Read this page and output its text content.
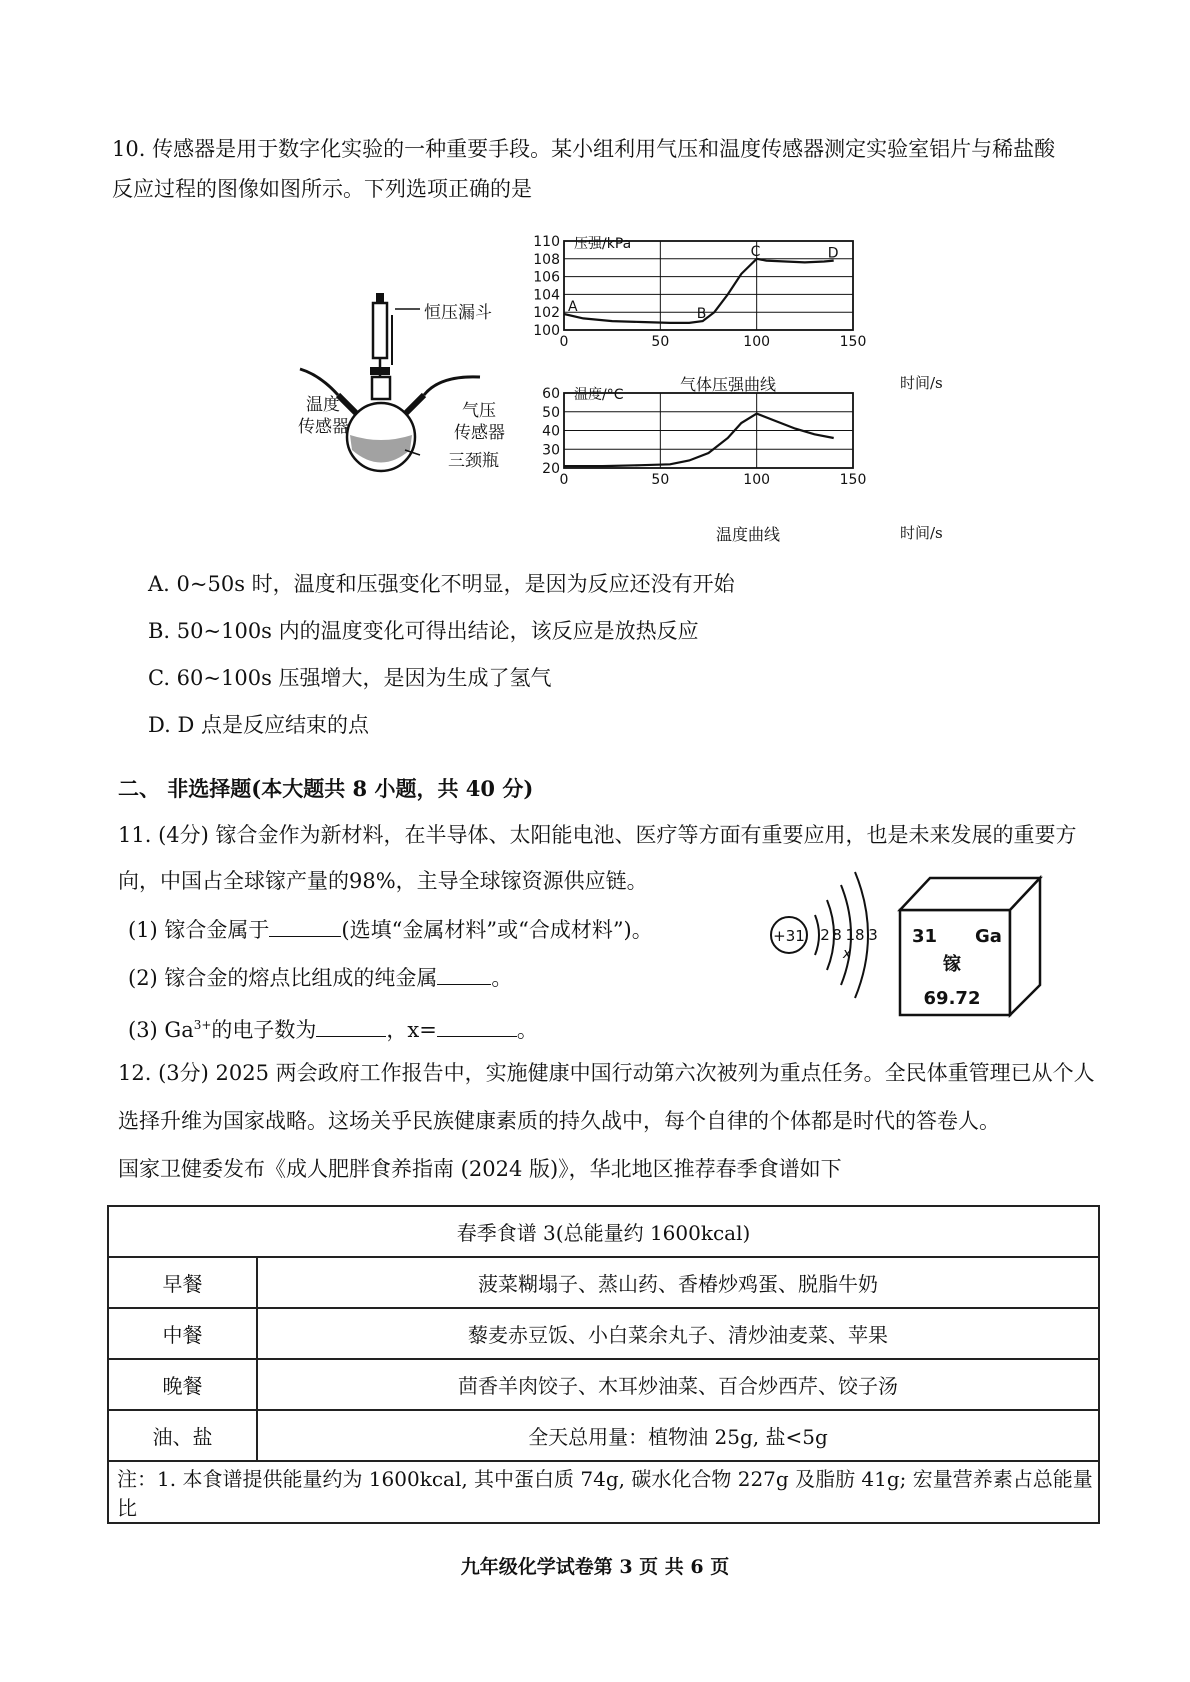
10. 传感器是用于数字化实验的一种重要手段。某小组利用气压和温度传感器测定实验室铝片与稀盐酸
反应过程的图像如图所示。下列选项正确的是
恒压漏斗
温度
传感器
气压
传感器
三颈瓶
压强/kPa
100
102
104
106
108
110
0	50	100	150
A	B
C	D
气体压强曲线	时间/s
温度/°C
20
30
40
50
60
0	50	100	150
温度曲线	时间/s
A. 0~50s 时，温度和压强变化不明显，是因为反应还没有开始
B. 50~100s 内的温度变化可得出结论，该反应是放热反应
C. 60~100s 压强增大，是因为生成了氢气
D. D 点是反应结束的点
二、 非选择题(本大题共 8 小题，共 40 分)
11. (4分) 镓合金作为新材料，在半导体、太阳能电池、医疗等方面有重要应用，也是未来发展的重要方
向，中国占全球镓产量的98%，主导全球镓资源供应链。
(1) 镓合金属于	(选填“金属材料”或“合成材料”)。
(2) 镓合金的熔点比组成的纯金属	。
(3) $Ga^{3+}$的电子数为	，x=	。
+31 2 8 18 3
x
31 Ga
镓
69.72
12. (3分) 2025 两会政府工作报告中，实施健康中国行动第六次被列为重点任务。全民体重管理已从个人
选择升维为国家战略。这场关乎民族健康素质的持久战中，每个自律的个体都是时代的答卷人。
国家卫健委发布《成人肥胖食养指南 (2024 版)》，华北地区推荐春季食谱如下
春季食谱 3(总能量约 1600kcal)	
早餐	菠菜糊塌子、蒸山药、香椿炒鸡蛋、脱脂牛奶
中餐	藜麦赤豆饭、小白菜余丸子、清炒油麦菜、苹果
晚餐	茴香羊肉饺子、木耳炒油菜、百合炒西芹、饺子汤
油、盐	全天总用量：植物油 25g, 盐<5g
注：1. 本食谱提供能量约为 1600kcal, 其中蛋白质 74g, 碳水化合物 227g 及脂肪 41g; 宏量营养素占总能量比	
九年级化学试卷第 3 页 共 6 页
